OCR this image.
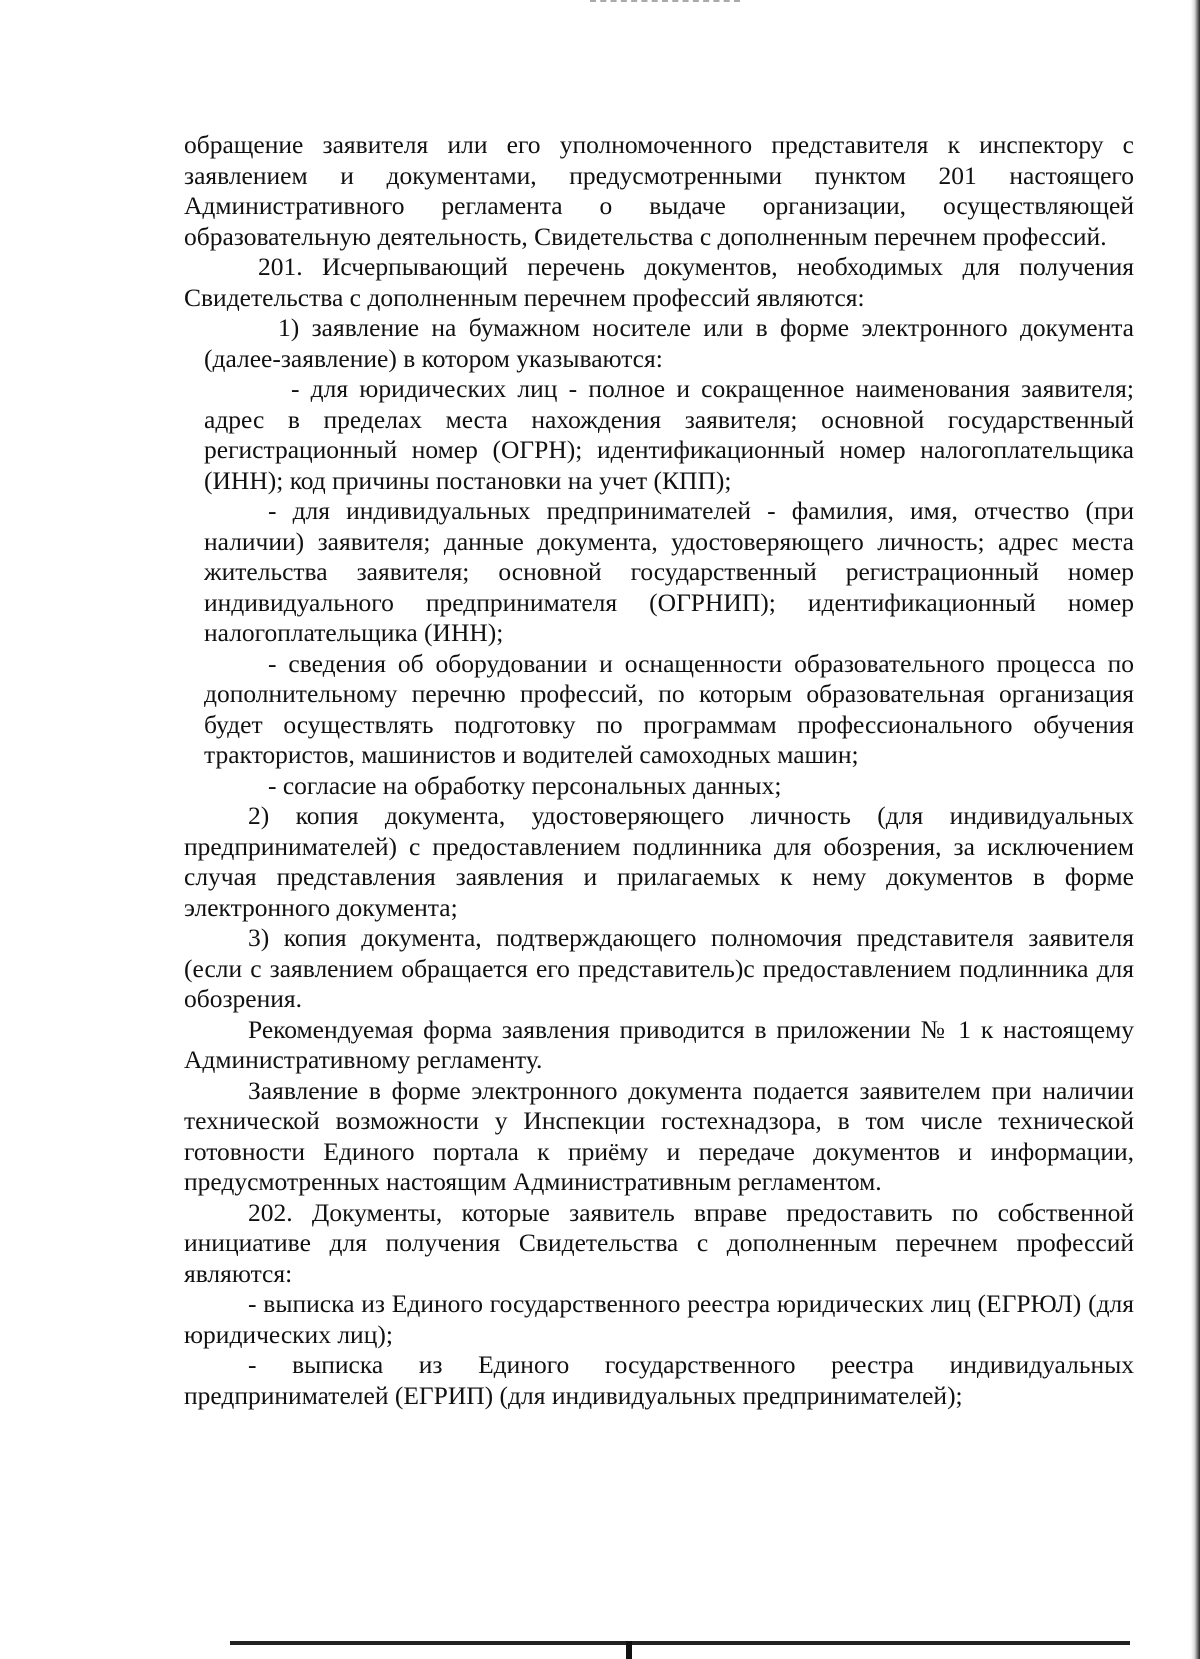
обращение заявителя или его уполномоченного представителя к инспектору с заявлением и документами, предусмотренными пунктом 201 настоящего Административного регламента о выдаче организации, осуществляющей образовательную деятельность, Свидетельства с дополненным перечнем профессий.

201. Исчерпывающий перечень документов, необходимых для получения Свидетельства с дополненным перечнем профессий являются:

1) заявление на бумажном носителе или в форме электронного документа (далее-заявление) в котором указываются:

- для юридических лиц - полное и сокращенное наименования заявителя; адрес в пределах места нахождения заявителя; основной государственный регистрационный номер (ОГРН); идентификационный номер налогоплательщика (ИНН); код причины постановки на учет (КПП);

- для индивидуальных предпринимателей - фамилия, имя, отчество (при наличии) заявителя; данные документа, удостоверяющего личность; адрес места жительства заявителя; основной государственный регистрационный номер индивидуального предпринимателя (ОГРНИП); идентификационный номер налогоплательщика (ИНН);

- сведения об оборудовании и оснащенности образовательного процесса по дополнительному перечню профессий, по которым образовательная организация будет осуществлять подготовку по программам профессионального обучения трактористов, машинистов и водителей самоходных машин;

- согласие на обработку персональных данных;

2) копия документа, удостоверяющего личность (для индивидуальных предпринимателей) с предоставлением подлинника для обозрения, за исключением случая представления заявления и прилагаемых к нему документов в форме электронного документа;

3) копия документа, подтверждающего полномочия представителя заявителя (если с заявлением обращается его представитель)с предоставлением подлинника для обозрения.

Рекомендуемая форма заявления приводится в приложении № 1 к настоящему Административному регламенту.

Заявление в форме электронного документа подается заявителем при наличии технической возможности у Инспекции гостехнадзора, в том числе технической готовности Единого портала к приёму и передаче документов и информации, предусмотренных настоящим Административным регламентом.

202. Документы, которые заявитель вправе предоставить по собственной инициативе для получения Свидетельства с дополненным перечнем профессий являются:

- выписка из Единого государственного реестра юридических лиц (ЕГРЮЛ) (для юридических лиц);

- выписка из Единого государственного реестра индивидуальных предпринимателей (ЕГРИП) (для индивидуальных предпринимателей);
